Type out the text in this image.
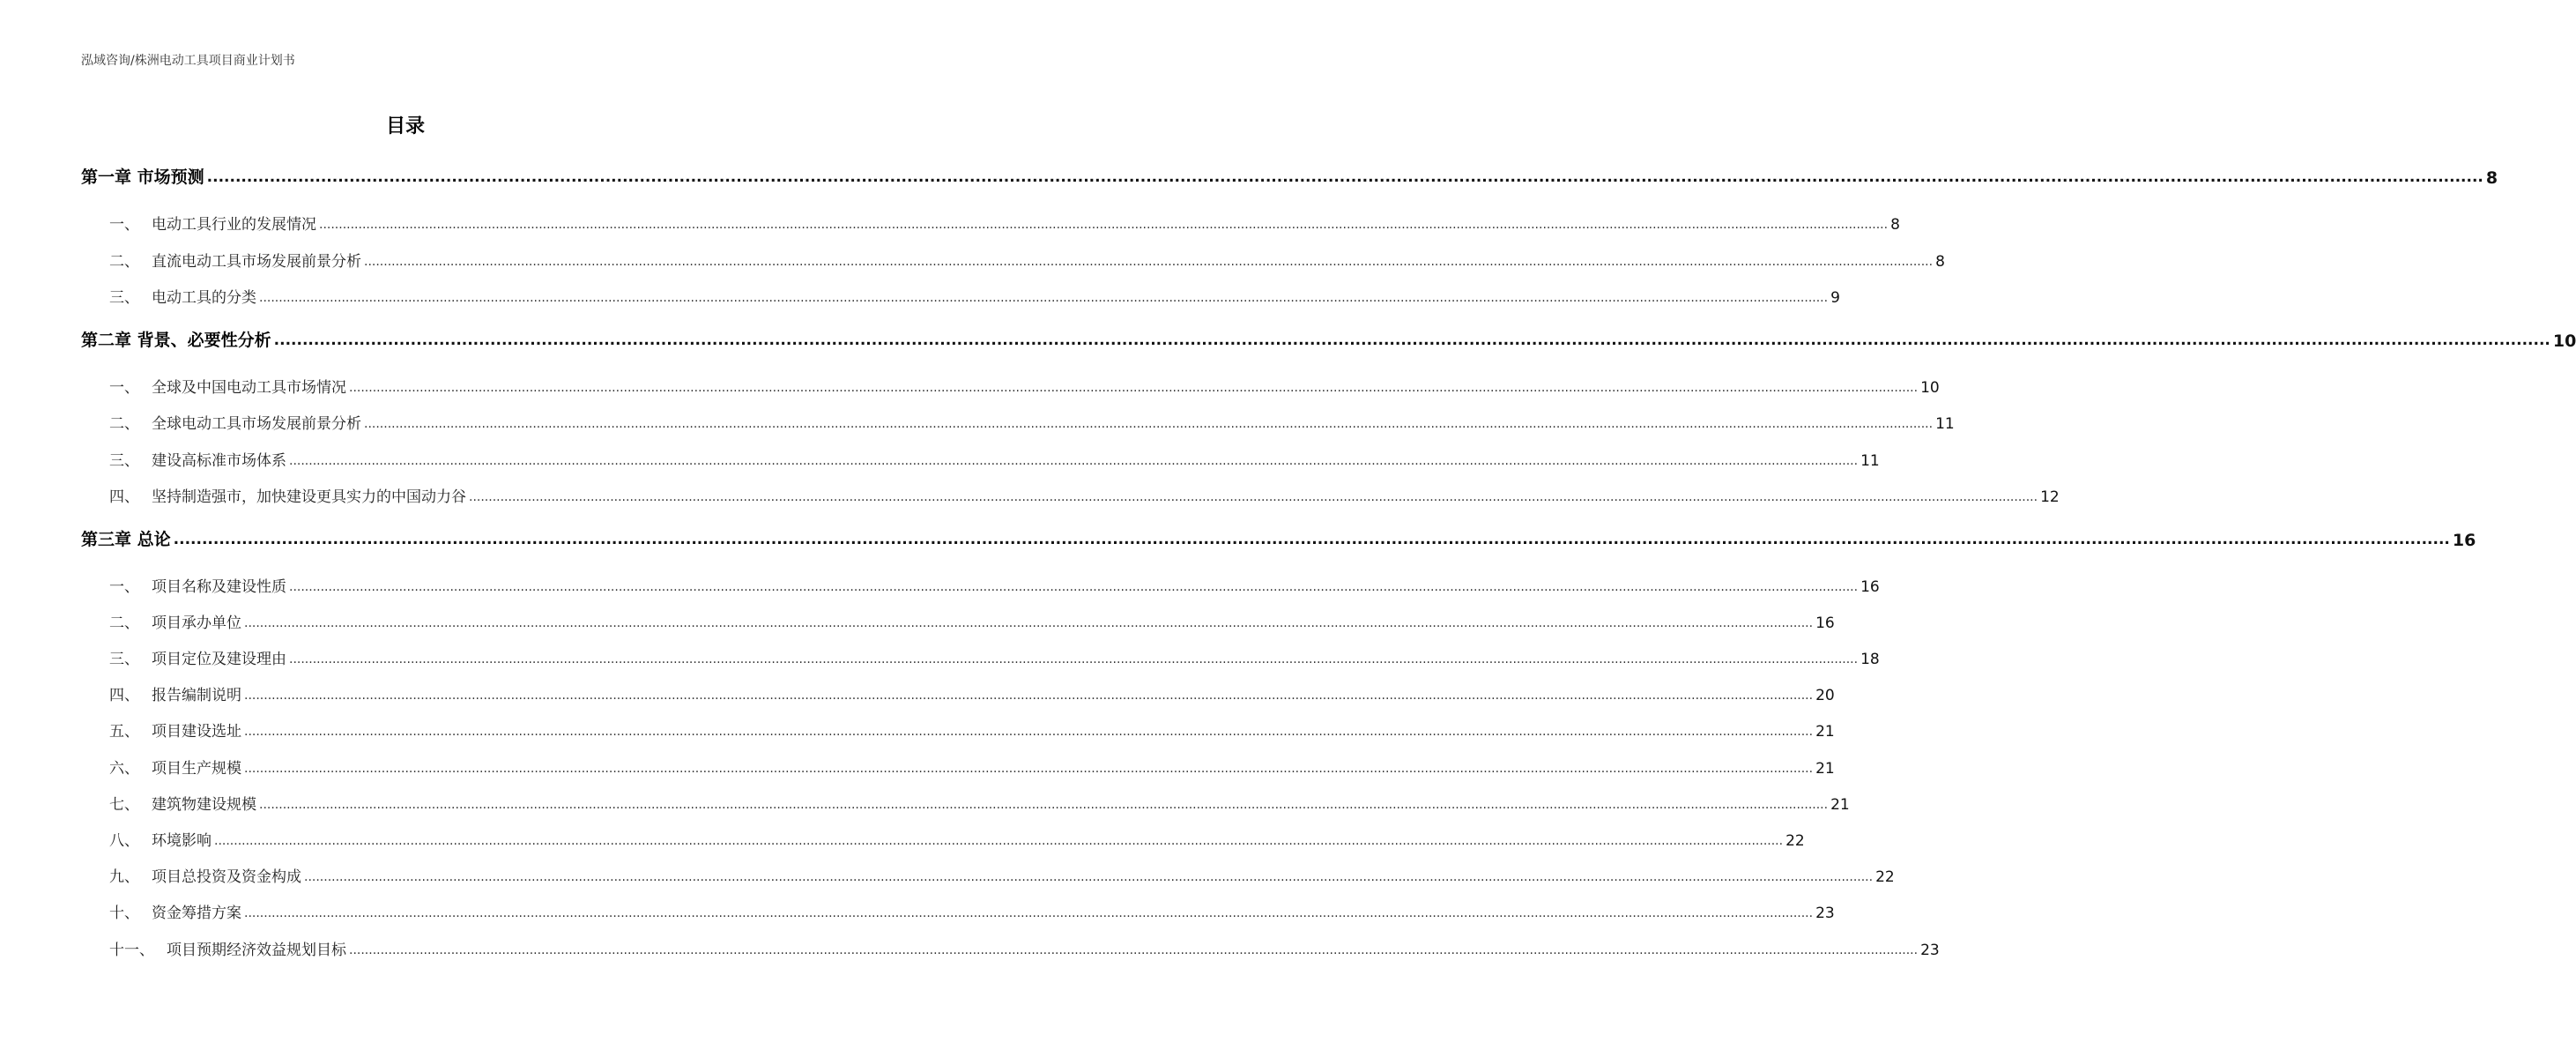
泓域咨询/株洲电动工具项目商业计划书
目录
第一章 市场预测 ................................................................................................................................................................................................................................................................................................................................................................................................................ 8
一、 电动工具行业的发展情况 ................................................................................................................................................................................................................................................................................................................................................................................................................ 8
二、 直流电动工具市场发展前景分析 ................................................................................................................................................................................................................................................................................................................................................................................................................ 8
三、 电动工具的分类 ................................................................................................................................................................................................................................................................................................................................................................................................................ 9
第二章 背景、必要性分析 ................................................................................................................................................................................................................................................................................................................................................................................................................ 10
一、 全球及中国电动工具市场情况 ................................................................................................................................................................................................................................................................................................................................................................................................................ 10
二、 全球电动工具市场发展前景分析 ................................................................................................................................................................................................................................................................................................................................................................................................................ 11
三、 建设高标准市场体系 ................................................................................................................................................................................................................................................................................................................................................................................................................ 11
四、 坚持制造强市，加快建设更具实力的中国动力谷 ................................................................................................................................................................................................................................................................................................................................................................................................................ 12
第三章 总论 ................................................................................................................................................................................................................................................................................................................................................................................................................ 16
一、 项目名称及建设性质 ................................................................................................................................................................................................................................................................................................................................................................................................................ 16
二、 项目承办单位 ................................................................................................................................................................................................................................................................................................................................................................................................................ 16
三、 项目定位及建设理由 ................................................................................................................................................................................................................................................................................................................................................................................................................ 18
四、 报告编制说明 ................................................................................................................................................................................................................................................................................................................................................................................................................ 20
五、 项目建设选址 ................................................................................................................................................................................................................................................................................................................................................................................................................ 21
六、 项目生产规模 ................................................................................................................................................................................................................................................................................................................................................................................................................ 21
七、 建筑物建设规模 ................................................................................................................................................................................................................................................................................................................................................................................................................ 21
八、 环境影响 ................................................................................................................................................................................................................................................................................................................................................................................................................ 22
九、 项目总投资及资金构成 ................................................................................................................................................................................................................................................................................................................................................................................................................ 22
十、 资金筹措方案 ................................................................................................................................................................................................................................................................................................................................................................................................................ 23
十一、 项目预期经济效益规划目标 ................................................................................................................................................................................................................................................................................................................................................................................................................ 23
